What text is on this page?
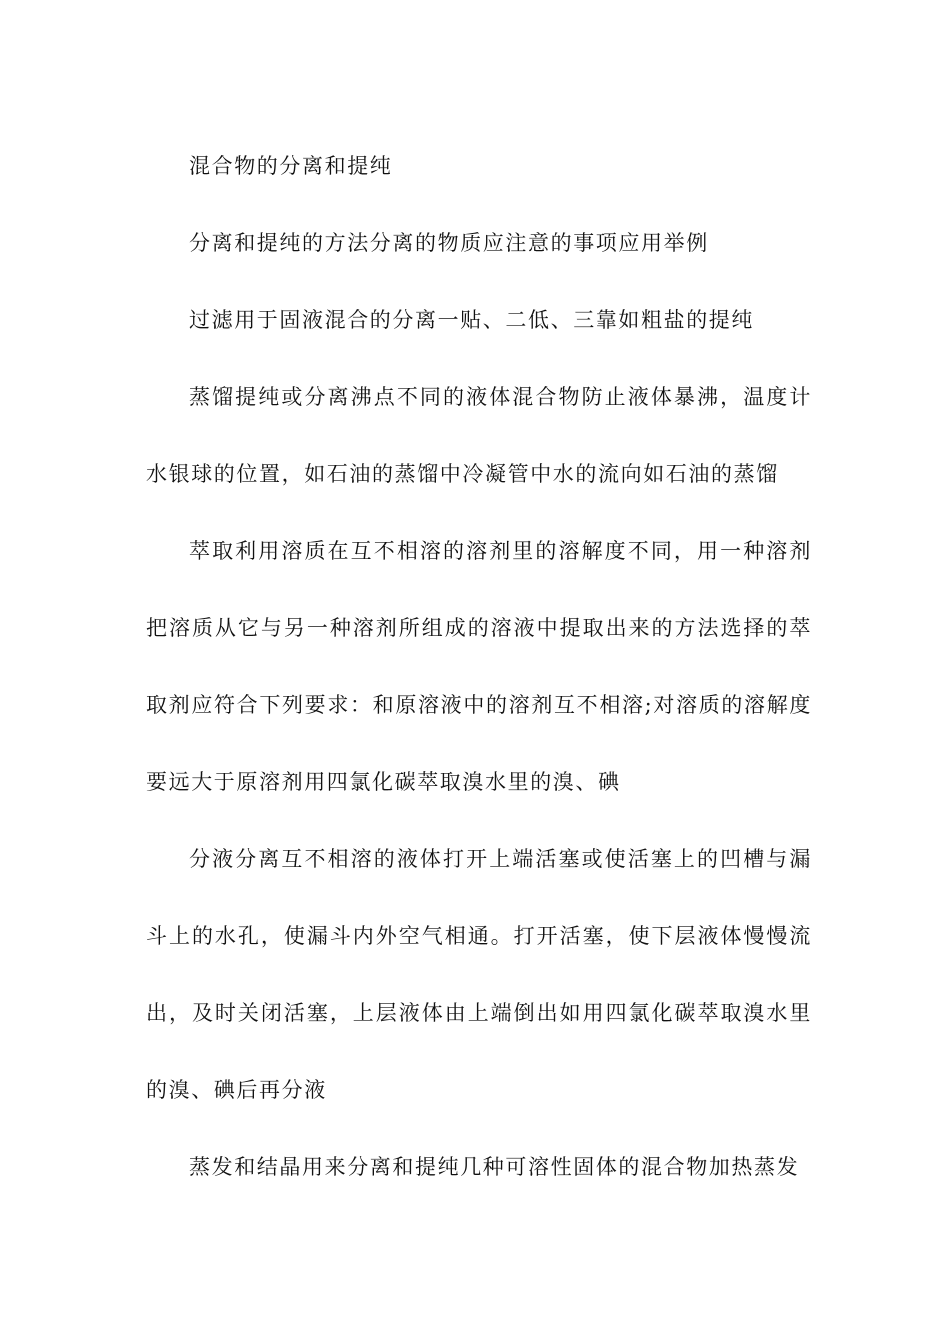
混合物的分离和提纯

分离和提纯的方法分离的物质应注意的事项应用举例

过滤用于固液混合的分离一贴、二低、三靠如粗盐的提纯

蒸馏提纯或分离沸点不同的液体混合物防止液体暴沸，温度计水银球的位置，如石油的蒸馏中冷凝管中水的流向如石油的蒸馏

萃取利用溶质在互不相溶的溶剂里的溶解度不同，用一种溶剂把溶质从它与另一种溶剂所组成的溶液中提取出来的方法选择的萃取剂应符合下列要求：和原溶液中的溶剂互不相溶;对溶质的溶解度要远大于原溶剂用四氯化碳萃取溴水里的溴、碘

分液分离互不相溶的液体打开上端活塞或使活塞上的凹槽与漏斗上的水孔，使漏斗内外空气相通。打开活塞，使下层液体慢慢流出，及时关闭活塞，上层液体由上端倒出如用四氯化碳萃取溴水里的溴、碘后再分液

蒸发和结晶用来分离和提纯几种可溶性固体的混合物加热蒸发
